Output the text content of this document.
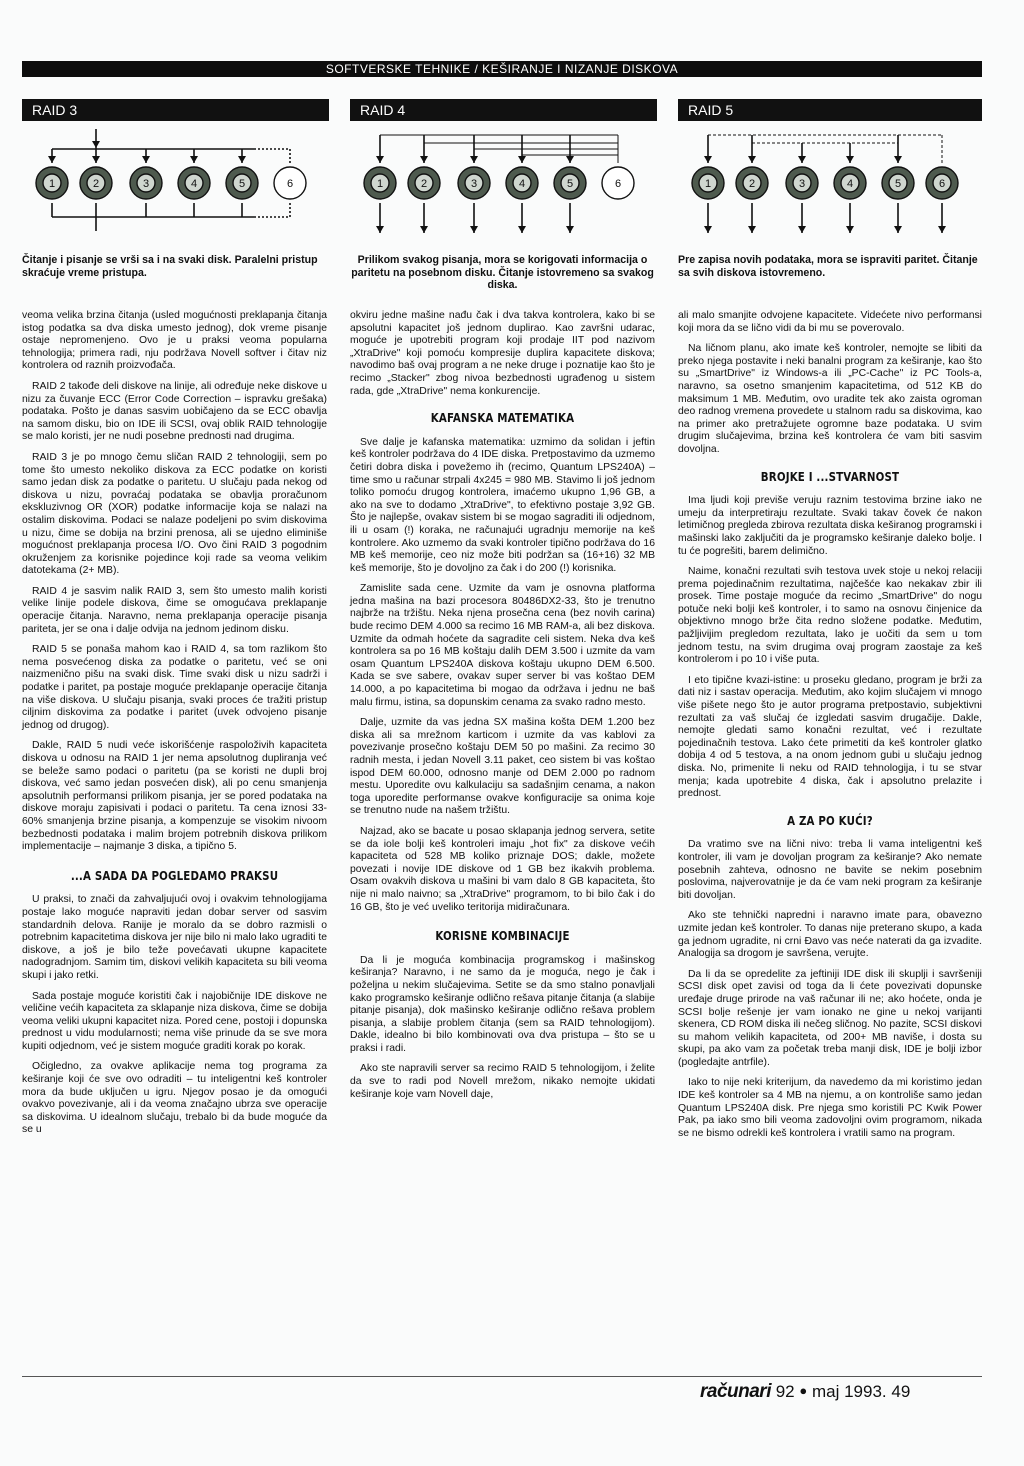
SOFTVERSKE TEHNIKE / KEŠIRANJE I NIZANJE DISKOVA
RAID 3
1	2	3	4	5	6
Čitanje i pisanje se vrši sa i na svaki disk. Paralelni pristup skraćuje vreme pristupa.
RAID 4
1	2	3	4	5	6
Prilikom svakog pisanja, mora se korigovati informacija o paritetu na posebnom disku. Čitanje istovremeno sa svakog diska.
RAID 5
1	2	3	4	5	6
Pre zapisa novih podataka, mora se ispraviti paritet. Čitanje sa svih diskova istovremeno.

veoma velika brzina čitanja (usled mogućnosti preklapanja čitanja istog podatka sa dva diska umesto jednog), dok vreme pisanje ostaje nepromenjeno. Ovo je u praksi veoma popularna tehnologija; primera radi, nju podržava Novell softver i čitav niz kontrolera od raznih proizvođača.

RAID 2 takođe deli diskove na linije, ali određuje neke diskove u nizu za čuvanje ECC (Error Code Correction – ispravku grešaka) podataka. Pošto je danas sasvim uobičajeno da se ECC obavlja na samom disku, bio on IDE ili SCSI, ovaj oblik RAID tehnologije se malo koristi, jer ne nudi posebne prednosti nad drugima.

RAID 3 je po mnogo čemu sličan RAID 2 tehnologiji, sem po tome što umesto nekoliko diskova za ECC podatke on koristi samo jedan disk za podatke o paritetu. U slučaju pada nekog od diskova u nizu, povraćaj podataka se obavlja proračunom ekskluzivnog OR (XOR) podatke informacije koja se nalazi na ostalim diskovima. Podaci se nalaze podeljeni po svim diskovima u nizu, čime se dobija na brzini prenosa, ali se ujedno eliminiše mogućnost preklapanja procesa I/O. Ovo čini RAID 3 pogodnim okruženjem za korisnike pojedince koji rade sa veoma velikim datotekama (2+ MB).

RAID 4 je sasvim nalik RAID 3, sem što umesto malih koristi velike linije podele diskova, čime se omogućava preklapanje operacije čitanja. Naravno, nema preklapanja operacije pisanja pariteta, jer se ona i dalje odvija na jednom jedinom disku.

RAID 5 se ponaša mahom kao i RAID 4, sa tom razlikom što nema posvećenog diska za podatke o paritetu, već se oni naizmenično pišu na svaki disk. Time svaki disk u nizu sadrži i podatke i paritet, pa postaje moguće preklapanje operacije čitanja na više diskova. U slučaju pisanja, svaki proces će tražiti pristup ciljnim diskovima za podatke i paritet (uvek odvojeno pisanje jednog od drugog).

Dakle, RAID 5 nudi veće iskorišćenje raspoloživih kapaciteta diskova u odnosu na RAID 1 jer nema apsolutnog dupliranja već se beleže samo podaci o paritetu (pa se koristi ne dupli broj diskova, već samo jedan posvećen disk), ali po cenu smanjenja apsolutnih performansi prilikom pisanja, jer se pored podataka na diskove moraju zapisivati i podaci o paritetu. Ta cena iznosi 33-60% smanjenja brzine pisanja, a kompenzuje se visokim nivoom bezbednosti podataka i malim brojem potrebnih diskova prilikom implementacije – najmanje 3 diska, a tipično 5.

...A SADA DA POGLEDAMO PRAKSU

U praksi, to znači da zahvaljujući ovoj i ovakvim tehnologijama postaje lako moguće napraviti jedan dobar server od sasvim standardnih delova. Ranije je moralo da se dobro razmisli o potrebnim kapacitetima diskova jer nije bilo ni malo lako ugraditi te diskove, a još je bilo teže povećavati ukupne kapacitete nadogradnjom. Samim tim, diskovi velikih kapaciteta su bili veoma skupi i jako retki.

Sada postaje moguće koristiti čak i najobičnije IDE diskove ne veličine većih kapaciteta za sklapanje niza diskova, čime se dobija veoma veliki ukupni kapacitet niza. Pored cene, postoji i dopunska prednost u vidu modularnosti; nema više prinude da se sve mora kupiti odjednom, već je sistem moguće graditi korak po korak.

Očigledno, za ovakve aplikacije nema tog programa za keširanje koji će sve ovo odraditi – tu inteligentni keš kontroler mora da bude uključen u igru. Njegov posao je da omogući ovakvo povezivanje, ali i da veoma značajno ubrza sve operacije sa diskovima. U idealnom slučaju, trebalo bi da bude moguće da se u

okviru jedne mašine nađu čak i dva takva kontrolera, kako bi se apsolutni kapacitet još jednom duplirao. Kao završni udarac, moguće je upotrebiti program koji prodaje IIT pod nazivom „XtraDrive" koji pomoću kompresije duplira kapacitete diskova; navodimo baš ovaj program a ne neke druge i poznatije kao što je recimo „Stacker" zbog nivoa bezbednosti ugrađenog u sistem rada, gde „XtraDrive" nema konkurencije.

KAFANSKA MATEMATIKA

Sve dalje je kafanska matematika: uzmimo da solidan i jeftin keš kontroler podržava do 4 IDE diska. Pretpostavimo da uzmemo četiri dobra diska i povežemo ih (recimo, Quantum LPS240A) – time smo u računar strpali 4x245 = 980 MB. Stavimo li još jednom toliko pomoću drugog kontrolera, imaćemo ukupno 1,96 GB, a ako na sve to dodamo „XtraDrive", to efektivno postaje 3,92 GB. Što je najlepše, ovakav sistem bi se mogao sagraditi ili odjednom, ili u osam (!) koraka, ne računajući ugradnju memorije na keš kontrolere. Ako uzmemo da svaki kontroler tipično podržava do 16 MB keš memorije, ceo niz može biti podržan sa (16+16) 32 MB keš memorije, što je dovoljno za čak i do 200 (!) korisnika.

Zamislite sada cene. Uzmite da vam je osnovna platforma jedna mašina na bazi procesora 80486DX2-33, što je trenutno najbrže na tržištu. Neka njena prosečna cena (bez novih carina) bude recimo DEM 4.000 sa recimo 16 MB RAM-a, ali bez diskova. Uzmite da odmah hoćete da sagradite celi sistem. Neka dva keš kontrolera sa po 16 MB koštaju dalih DEM 3.500 i uzmite da vam osam Quantum LPS240A diskova koštaju ukupno DEM 6.500. Kada se sve sabere, ovakav super server bi vas koštao DEM 14.000, a po kapacitetima bi mogao da održava i jednu ne baš malu firmu, istina, sa dopunskim cenama za svako radno mesto.

Dalje, uzmite da vas jedna SX mašina košta DEM 1.200 bez diska ali sa mrežnom karticom i uzmite da vas kablovi za povezivanje prosečno koštaju DEM 50 po mašini. Za recimo 30 radnih mesta, i jedan Novell 3.11 paket, ceo sistem bi vas koštao ispod DEM 60.000, odnosno manje od DEM 2.000 po radnom mestu. Uporedite ovu kalkulaciju sa sadašnjim cenama, a nakon toga uporedite performanse ovakve konfiguracije sa onima koje se trenutno nude na našem tržištu.

Najzad, ako se bacate u posao sklapanja jednog servera, setite se da iole bolji keš kontroleri imaju „hot fix" za diskove većih kapaciteta od 528 MB koliko priznaje DOS; dakle, možete povezati i novije IDE diskove od 1 GB bez ikakvih problema. Osam ovakvih diskova u mašini bi vam dalo 8 GB kapaciteta, što nije ni malo naivno; sa „XtraDrive" programom, to bi bilo čak i do 16 GB, što je već uveliko teritorija midiračunara.

KORISNE KOMBINACIJE

Da li je moguća kombinacija programskog i mašinskog keširanja? Naravno, i ne samo da je moguća, nego je čak i poželjna u nekim slučajevima. Setite se da smo stalno ponavljali kako programsko keširanje odlično rešava pitanje čitanja (a slabije pitanje pisanja), dok mašinsko keširanje odlično rešava problem pisanja, a slabije problem čitanja (sem sa RAID tehnologijom). Dakle, idealno bi bilo kombinovati ova dva pristupa – što se u praksi i radi.

Ako ste napravili server sa recimo RAID 5 tehnologijom, i želite da sve to radi pod Novell mrežom, nikako nemojte ukidati keširanje koje vam Novell daje,

ali malo smanjite odvojene kapacitete. Videćete nivo performansi koji mora da se lično vidi da bi mu se poverovalo.

Na ličnom planu, ako imate keš kontroler, nemojte se libiti da preko njega postavite i neki banalni program za keširanje, kao što su „SmartDrive" iz Windows-a ili „PC-Cache" iz PC Tools-a, naravno, sa osetno smanjenim kapacitetima, od 512 KB do maksimum 1 MB. Međutim, ovo uradite tek ako zaista ogroman deo radnog vremena provedete u stalnom radu sa diskovima, kao na primer ako pretražujete ogromne baze podataka. U svim drugim slučajevima, brzina keš kontrolera će vam biti sasvim dovoljna.

BROJKE I ...STVARNOST

Ima ljudi koji previše veruju raznim testovima brzine iako ne umeju da interpretiraju rezultate. Svaki takav čovek će nakon letimičnog pregleda zbirova rezultata diska keširanog programski i mašinski lako zaključiti da je programsko keširanje daleko bolje. I tu će pogrešiti, barem delimično.

Naime, konačni rezultati svih testova uvek stoje u nekoj relaciji prema pojedinačnim rezultatima, najčešće kao nekakav zbir ili prosek. Time postaje moguće da recimo „SmartDrive" do nogu potuče neki bolji keš kontroler, i to samo na osnovu činjenice da objektivno mnogo brže čita redno složene podatke. Međutim, pažljivijim pregledom rezultata, lako je uočiti da sem u tom jednom testu, na svim drugima ovaj program zaostaje za keš kontrolerom i po 10 i više puta.

I eto tipične kvazi-istine: u proseku gledano, program je brži za dati niz i sastav operacija. Međutim, ako kojim slučajem vi mnogo više pišete nego što je autor programa pretpostavio, subjektivni rezultati za vaš slučaj će izgledati sasvim drugačije. Dakle, nemojte gledati samo konačni rezultat, već i rezultate pojedinačnih testova. Lako ćete primetiti da keš kontroler glatko dobija 4 od 5 testova, a na onom jednom gubi u slučaju jednog diska. No, primenite li neku od RAID tehnologija, i tu se stvar menja; kada upotrebite 4 diska, čak i apsolutno prelazite i prednost.

A ZA PO KUĆI?

Da vratimo sve na lični nivo: treba li vama inteligentni keš kontroler, ili vam je dovoljan program za keširanje? Ako nemate posebnih zahteva, odnosno ne bavite se nekim posebnim poslovima, najverovatnije je da će vam neki program za keširanje biti dovoljan.

Ako ste tehnički napredni i naravno imate para, obavezno uzmite jedan keš kontroler. To danas nije preterano skupo, a kada ga jednom ugradite, ni crni Đavo vas neće naterati da ga izvadite. Analogija sa drogom je savršena, verujte.

Da li da se opredelite za jeftiniji IDE disk ili skuplji i savršeniji SCSI disk opet zavisi od toga da li ćete povezivati dopunske uređaje druge prirode na vaš računar ili ne; ako hoćete, onda je SCSI bolje rešenje jer vam ionako ne gine u nekoj varijanti skenera, CD ROM diska ili nečeg sličnog. No pazite, SCSI diskovi su mahom velikih kapaciteta, od 200+ MB naviše, i dosta su skupi, pa ako vam za početak treba manji disk, IDE je bolji izbor (pogledajte antrfile).

Iako to nije neki kriterijum, da navedemo da mi koristimo jedan IDE keš kontroler sa 4 MB na njemu, a on kontroliše samo jedan Quantum LPS240A disk. Pre njega smo koristili PC Kwik Power Pak, pa iako smo bili veoma zadovoljni ovim programom, nikada se ne bismo odrekli keš kontrolera i vratili samo na program.

računari 92 ● maj 1993. 49
